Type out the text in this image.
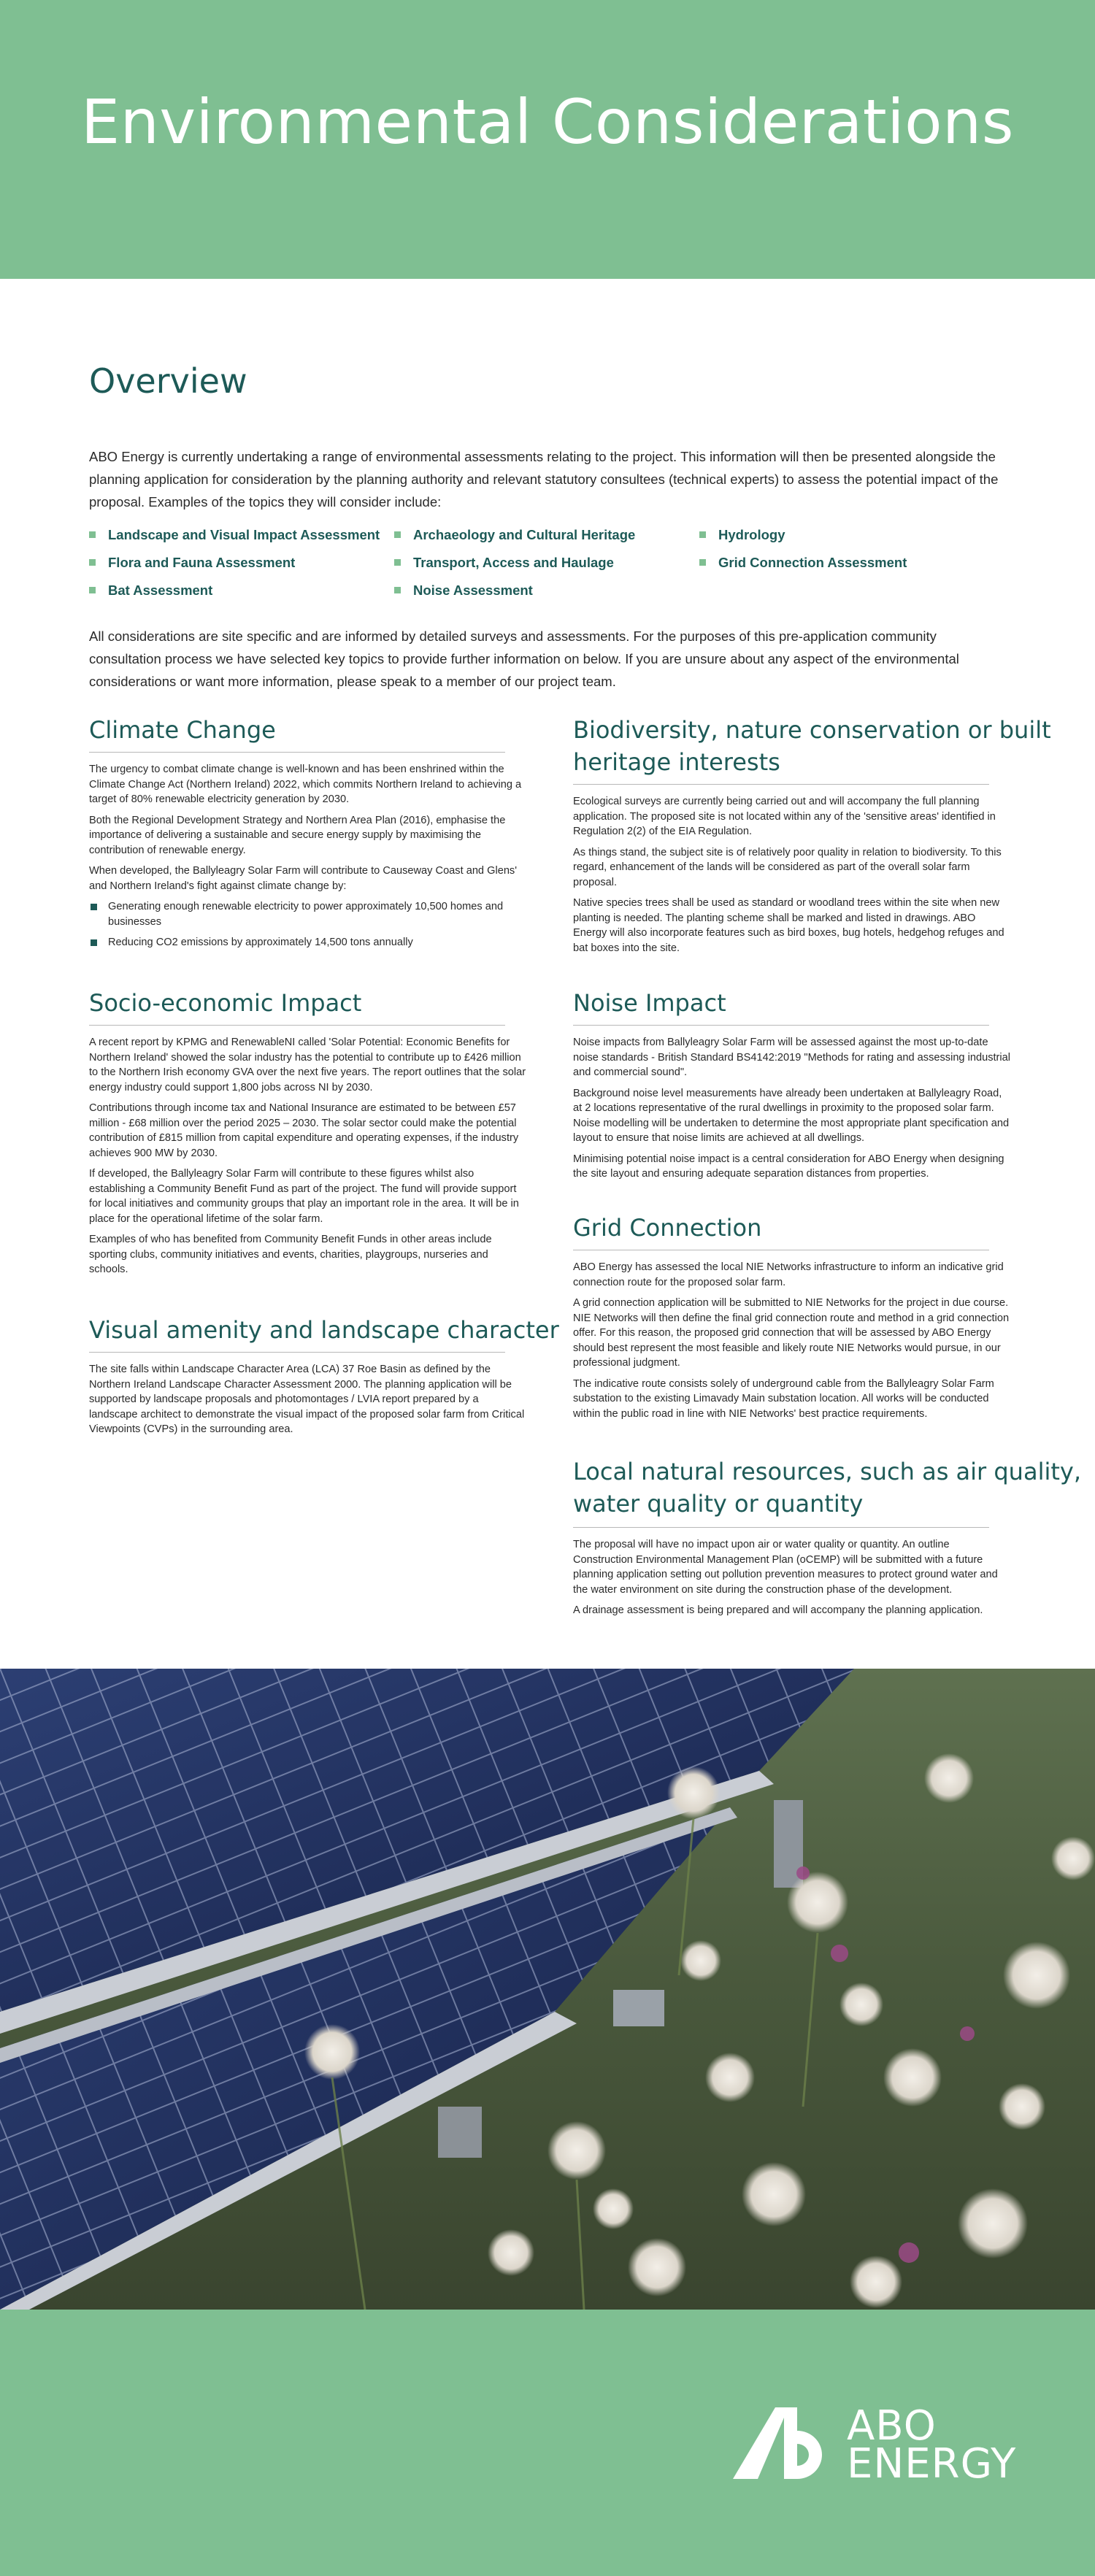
Environmental Considerations
Overview
ABO Energy is currently undertaking a range of environmental assessments relating to the project. This information will then be presented alongside the planning application for consideration by the planning authority and relevant statutory consultees (technical experts) to assess the potential impact of the proposal. Examples of the topics they will consider include:
Landscape and Visual Impact Assessment	Archaeology and Cultural Heritage	Hydrology
Flora and Fauna Assessment	Transport, Access and Haulage	Grid Connection Assessment
Bat Assessment	Noise Assessment
All considerations are site specific and are informed by detailed surveys and assessments. For the purposes of this pre-application community consultation process we have selected key topics to provide further information on below. If you are unsure about any aspect of the environmental considerations or want more information, please speak to a member of our project team.
Climate Change

The urgency to combat climate change is well-known and has been enshrined within the Climate Change Act (Northern Ireland) 2022, which commits Northern Ireland to achieving a target of 80% renewable electricity generation by 2030.

Both the Regional Development Strategy and Northern Area Plan (2016), emphasise the importance of delivering a sustainable and secure energy supply by maximising the contribution of renewable energy.

When developed, the Ballyleagry Solar Farm will contribute to Causeway Coast and Glens' and Northern Ireland's fight against climate change by:

Generating enough renewable electricity to power approximately 10,500 homes and businesses
Reducing CO2 emissions by approximately 14,500 tons annually
Socio-economic Impact

A recent report by KPMG and RenewableNI called 'Solar Potential: Economic Benefits for Northern Ireland' showed the solar industry has the potential to contribute up to £426 million to the Northern Irish economy GVA over the next five years. The report outlines that the solar energy industry could support 1,800 jobs across NI by 2030.

Contributions through income tax and National Insurance are estimated to be between £57 million - £68 million over the period 2025 – 2030. The solar sector could make the potential contribution of £815 million from capital expenditure and operating expenses, if the industry achieves 900 MW by 2030.

If developed, the Ballyleagry Solar Farm will contribute to these figures whilst also establishing a Community Benefit Fund as part of the project. The fund will provide support for local initiatives and community groups that play an important role in the area. It will be in place for the operational lifetime of the solar farm.

Examples of who has benefited from Community Benefit Funds in other areas include sporting clubs, community initiatives and events, charities, playgroups, nurseries and schools.

Visual amenity and landscape character

The site falls within Landscape Character Area (LCA) 37 Roe Basin as defined by the Northern Ireland Landscape Character Assessment 2000. The planning application will be supported by landscape proposals and photomontages / LVIA report prepared by a landscape architect to demonstrate the visual impact of the proposed solar farm from Critical Viewpoints (CVPs) in the surrounding area.

Biodiversity, nature conservation or built
heritage interests

Ecological surveys are currently being carried out and will accompany the full planning application. The proposed site is not located within any of the 'sensitive areas' identified in Regulation 2(2) of the EIA Regulation.

As things stand, the subject site is of relatively poor quality in relation to biodiversity. To this regard, enhancement of the lands will be considered as part of the overall solar farm proposal.

Native species trees shall be used as standard or woodland trees within the site when new planting is needed. The planting scheme shall be marked and listed in drawings. ABO Energy will also incorporate features such as bird boxes, bug hotels, hedgehog refuges and bat boxes into the site.

Noise Impact

Noise impacts from Ballyleagry Solar Farm will be assessed against the most up-to-date noise standards - British Standard BS4142:2019 "Methods for rating and assessing industrial and commercial sound".

Background noise level measurements have already been undertaken at Ballyleagry Road, at 2 locations representative of the rural dwellings in proximity to the proposed solar farm. Noise modelling will be undertaken to determine the most appropriate plant specification and layout to ensure that noise limits are achieved at all dwellings.

Minimising potential noise impact is a central consideration for ABO Energy when designing the site layout and ensuring adequate separation distances from properties.

Grid Connection

ABO Energy has assessed the local NIE Networks infrastructure to inform an indicative grid connection route for the proposed solar farm.

A grid connection application will be submitted to NIE Networks for the project in due course. NIE Networks will then define the final grid connection route and method in a grid connection offer. For this reason, the proposed grid connection that will be assessed by ABO Energy should best represent the most feasible and likely route NIE Networks would pursue, in our professional judgment.

The indicative route consists solely of underground cable from the Ballyleagry Solar Farm substation to the existing Limavady Main substation location. All works will be conducted within the public road in line with NIE Networks' best practice requirements.

Local natural resources, such as air quality,
water quality or quantity

The proposal will have no impact upon air or water quality or quantity. An outline Construction Environmental Management Plan (oCEMP) will be submitted with a future planning application setting out pollution prevention measures to protect ground water and the water environment on site during the construction phase of the development.

A drainage assessment is being prepared and will accompany the planning application.

ABO
ENERGY
